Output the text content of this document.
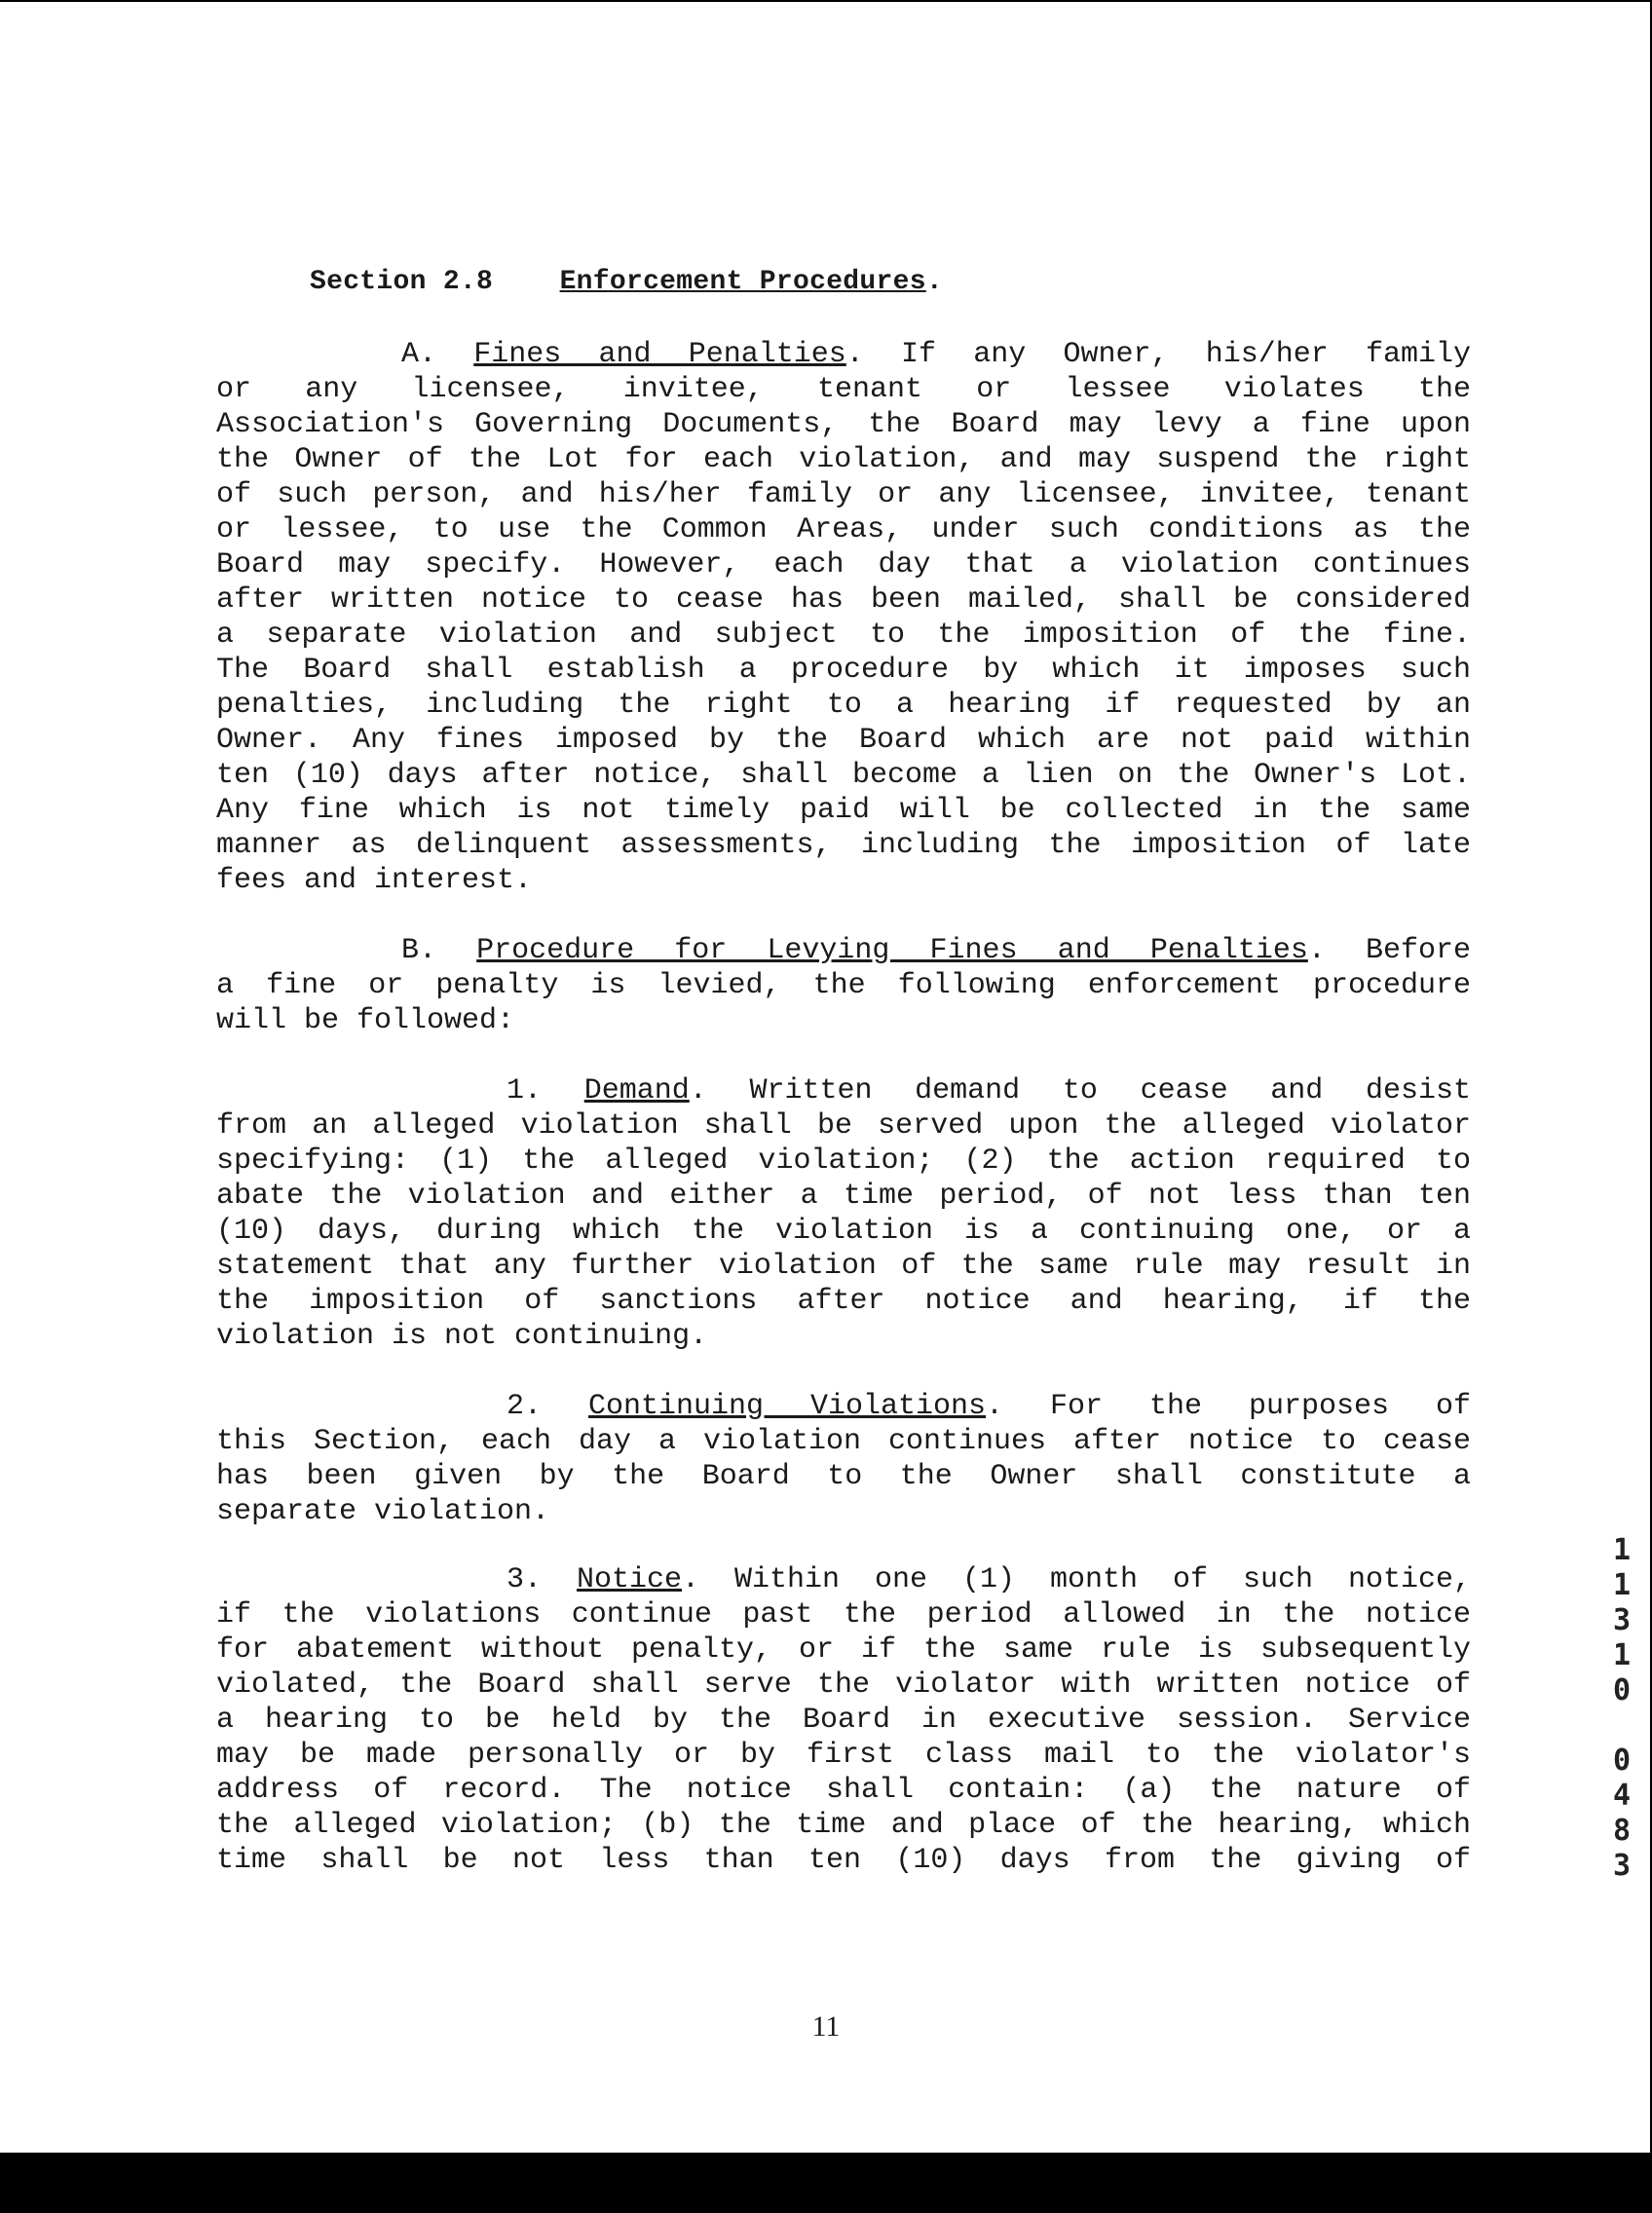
Section 2.8 Enforcement Procedures.
A. Fines and Penalties. If any Owner, his/her family
or any licensee, invitee, tenant or lessee violates the
Association's Governing Documents, the Board may levy a fine upon
the Owner of the Lot for each violation, and may suspend the right
of such person, and his/her family or any licensee, invitee, tenant
or lessee, to use the Common Areas, under such conditions as the
Board may specify. However, each day that a violation continues
after written notice to cease has been mailed, shall be considered
a separate violation and subject to the imposition of the fine.
The Board shall establish a procedure by which it imposes such
penalties, including the right to a hearing if requested by an
Owner. Any fines imposed by the Board which are not paid within
ten (10) days after notice, shall become a lien on the Owner's Lot.
Any fine which is not timely paid will be collected in the same
manner as delinquent assessments, including the imposition of late
fees and interest.
B. Procedure for Levying Fines and Penalties. Before
a fine or penalty is levied, the following enforcement procedure
will be followed:
1. Demand. Written demand to cease and desist
from an alleged violation shall be served upon the alleged violator
specifying: (1) the alleged violation; (2) the action required to
abate the violation and either a time period, of not less than ten
(10) days, during which the violation is a continuing one, or a
statement that any further violation of the same rule may result in
the imposition of sanctions after notice and hearing, if the
violation is not continuing.
2. Continuing Violations. For the purposes of
this Section, each day a violation continues after notice to cease
has been given by the Board to the Owner shall constitute a
separate violation.
3. Notice. Within one (1) month of such notice,
if the violations continue past the period allowed in the notice
for abatement without penalty, or if the same rule is subsequently
violated, the Board shall serve the violator with written notice of
a hearing to be held by the Board in executive session. Service
may be made personally or by first class mail to the violator's
address of record. The notice shall contain: (a) the nature of
the alleged violation; (b) the time and place of the hearing, which
time shall be not less than ten (10) days from the giving of
11
1
1
3
1
0
0
4
8
3
